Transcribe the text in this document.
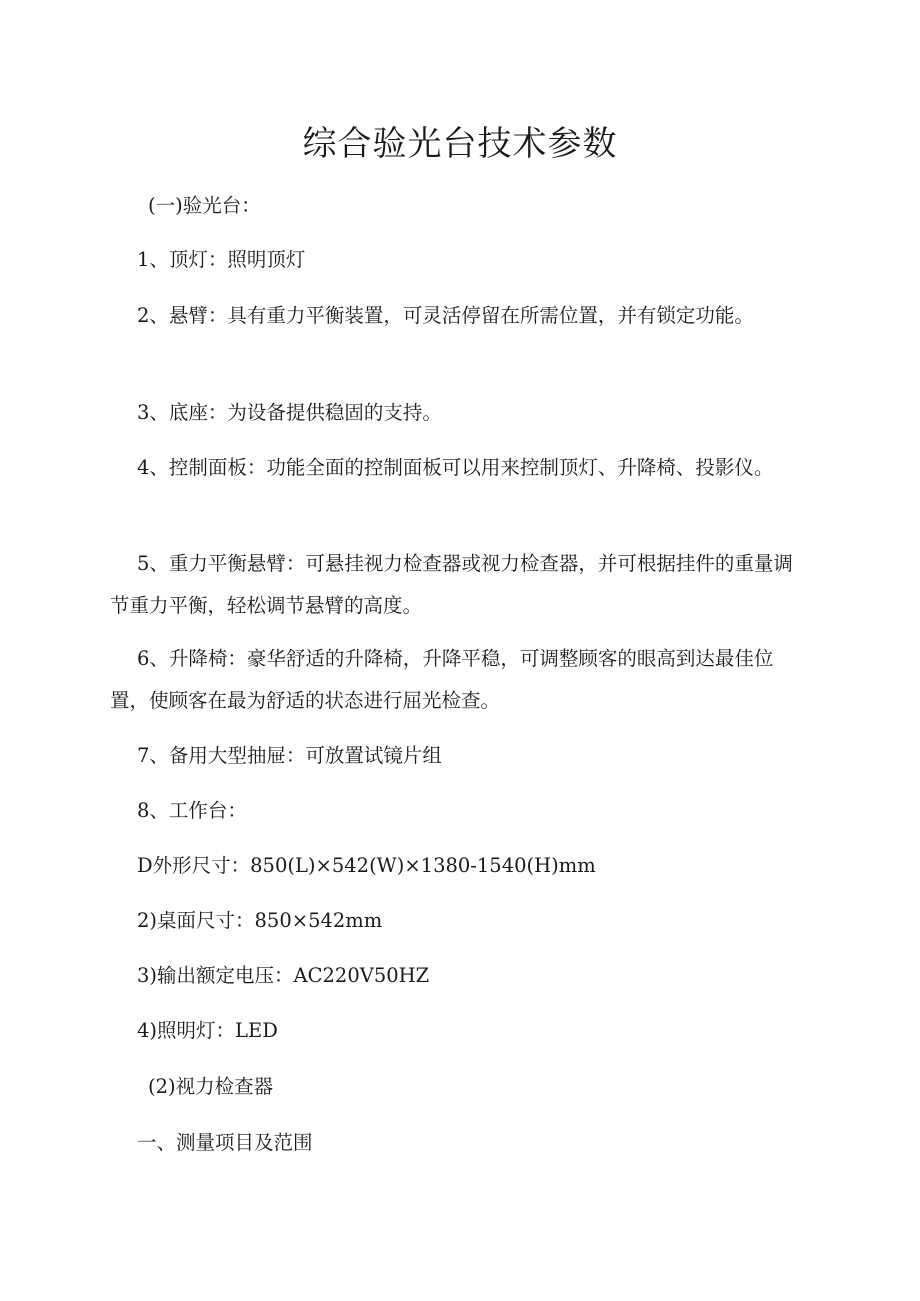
综合验光台技术参数

(一)验光台：

1、顶灯：照明顶灯

2、悬臂：具有重力平衡装置，可灵活停留在所需位置，并有锁定功能。

3、底座：为设备提供稳固的支持。

4、控制面板：功能全面的控制面板可以用来控制顶灯、升降椅、投影仪。

5、重力平衡悬臂：可悬挂视力检查器或视力检查器，并可根据挂件的重量调节重力平衡，轻松调节悬臂的高度。

6、升降椅：豪华舒适的升降椅，升降平稳，可调整顾客的眼高到达最佳位置，使顾客在最为舒适的状态进行屈光检查。

7、备用大型抽屉：可放置试镜片组

8、工作台：

D外形尺寸：850(L)×542(W)×1380-1540(H)mm

2)桌面尺寸：850×542mm

3)输出额定电压：AC220V50HZ

4)照明灯：LED

(2)视力检查器

一、测量项目及范围
